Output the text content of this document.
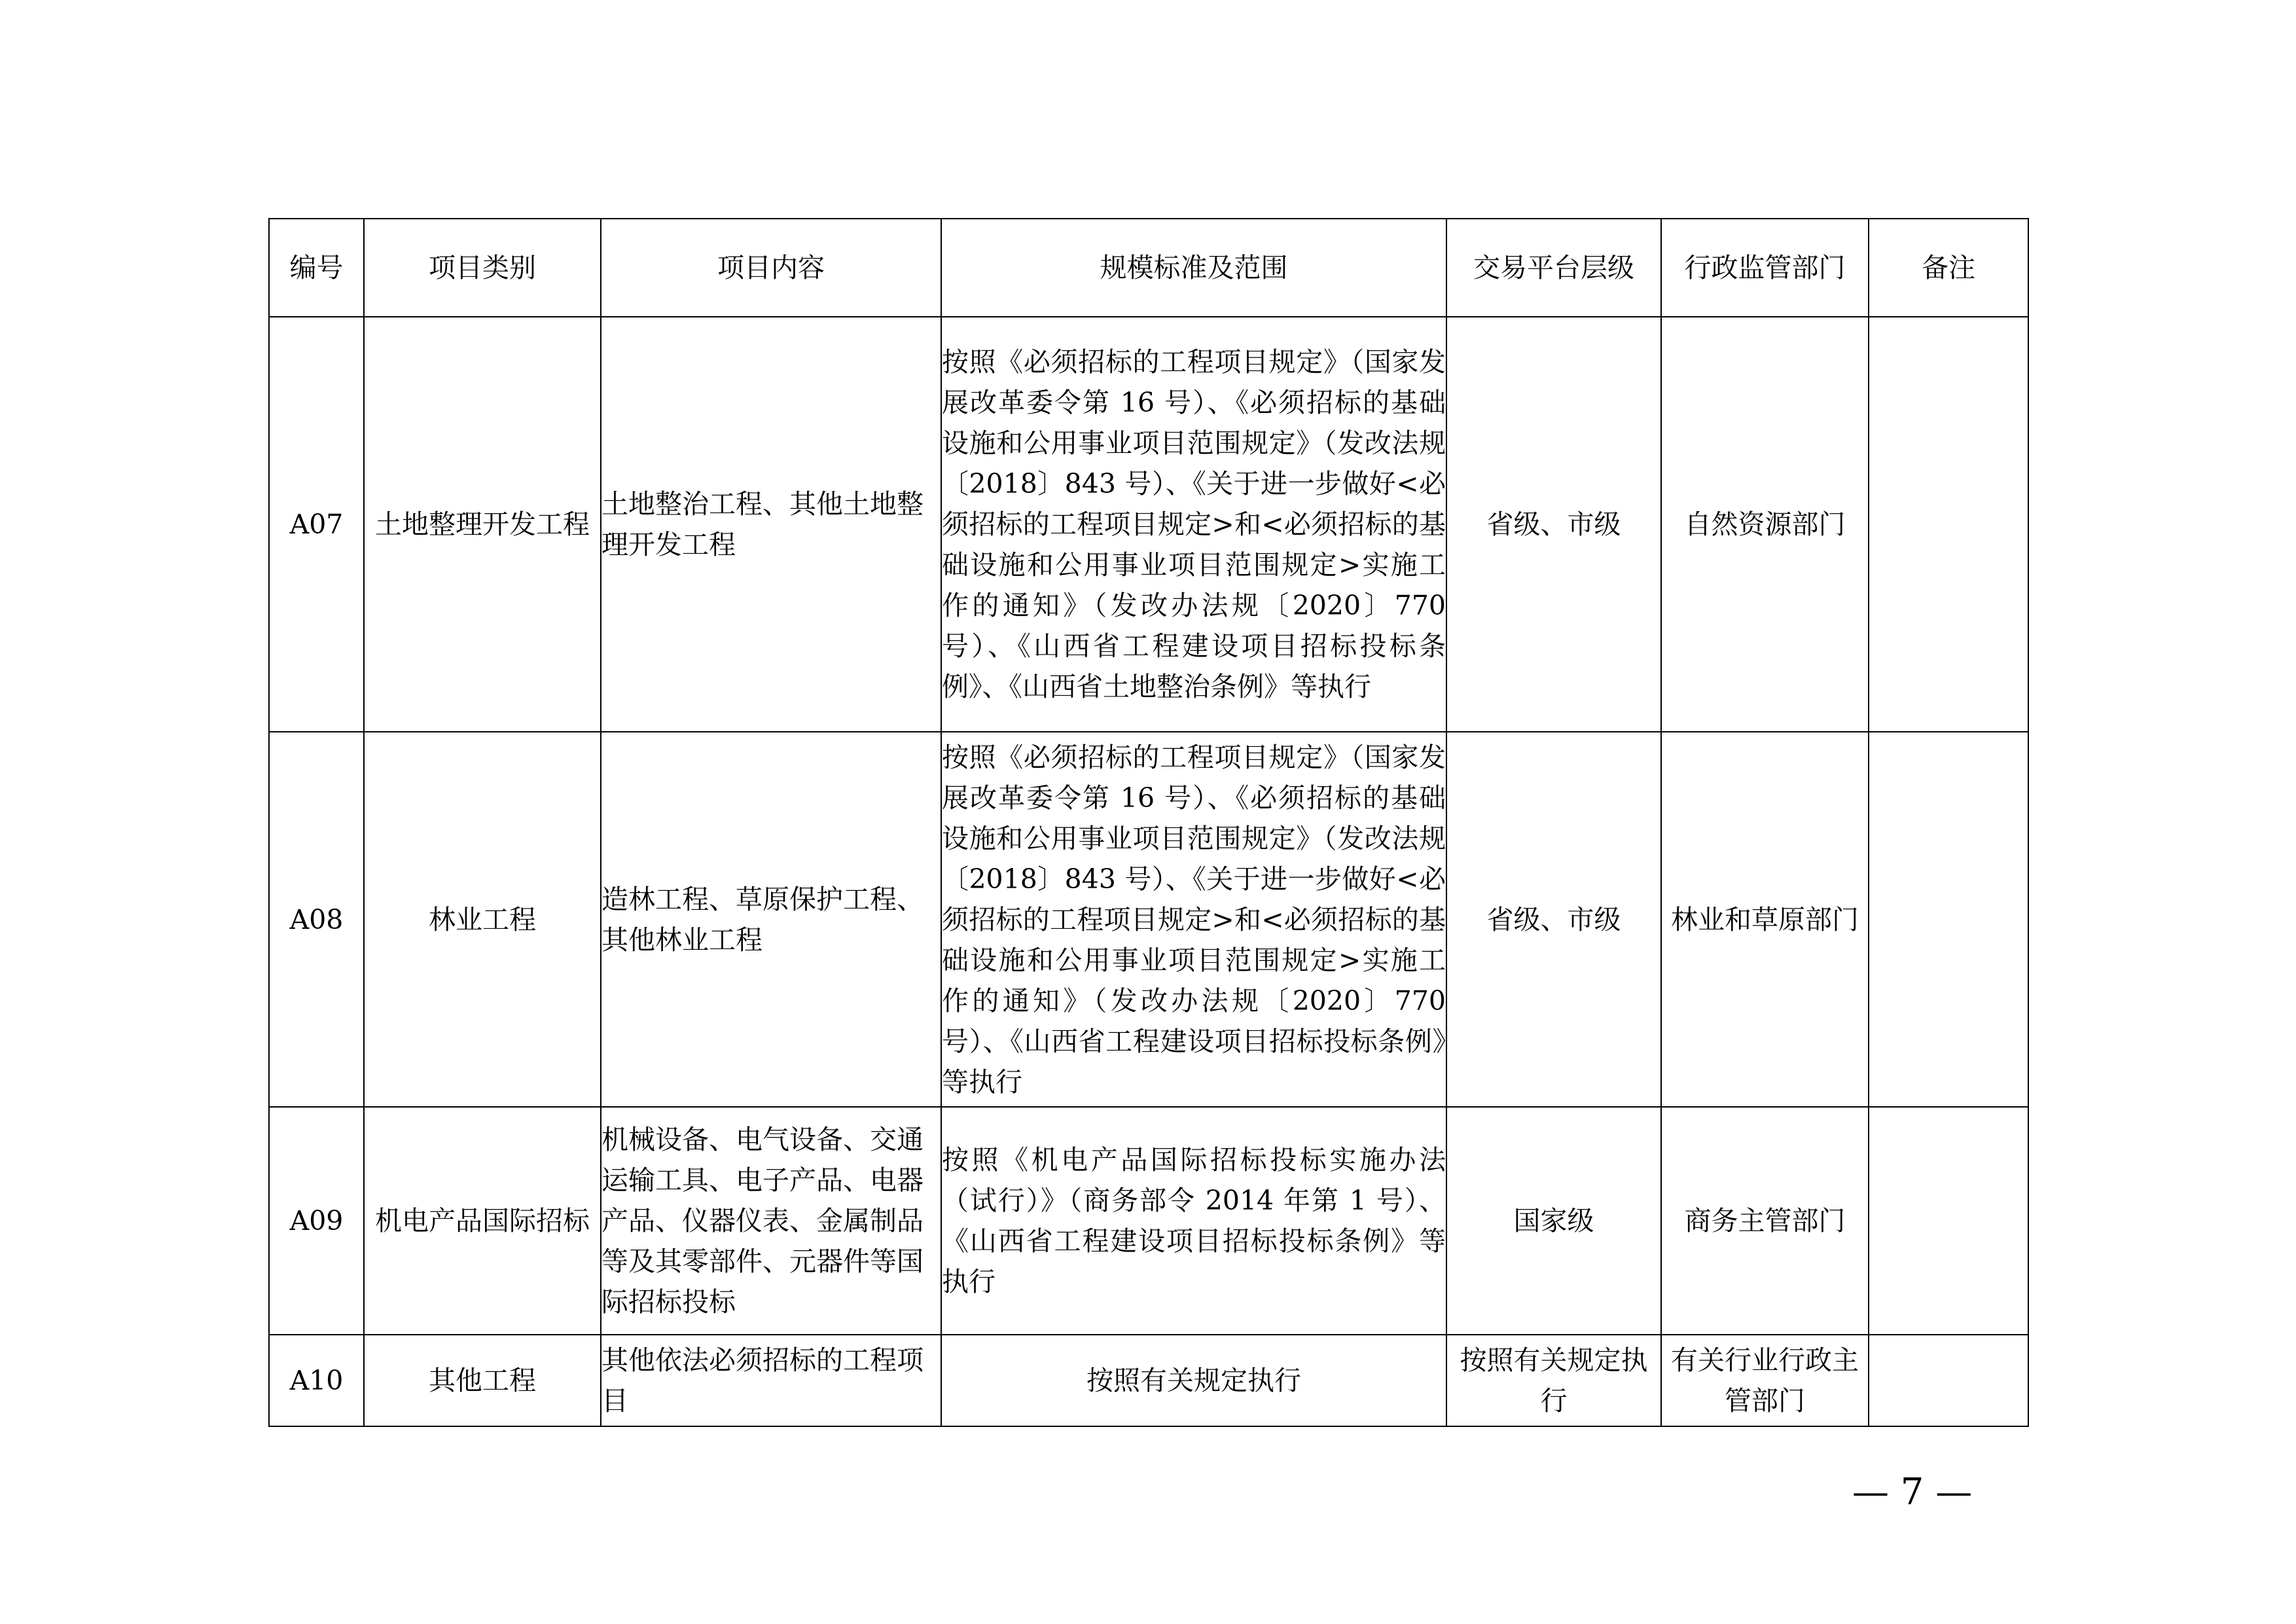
编号	项目类别	项目内容	规模标准及范围	交易平台层级	行政监管部门	备注
A07	土地整理开发工程	土地整治工程、其他土地整理开发工程	按照《必须招标的工程项目规定》（国家发展改革委令第 16 号）、《必须招标的基础设施和公用事业项目范围规定》（发改法规〔2018〕843 号）、《关于进一步做好<必须招标的工程项目规定>和<必须招标的基础设施和公用事业项目范围规定>实施工作的通知》（发改办法规〔2020〕770 号）、《山西省工程建设项目招标投标条例》、《山西省土地整治条例》等执行	省级、市级	自然资源部门	
A08	林业工程	造林工程、草原保护工程、其他林业工程	按照《必须招标的工程项目规定》（国家发展改革委令第 16 号）、《必须招标的基础设施和公用事业项目范围规定》（发改法规〔2018〕843 号）、《关于进一步做好<必须招标的工程项目规定>和<必须招标的基础设施和公用事业项目范围规定>实施工作的通知》（发改办法规〔2020〕770 号）、《山西省工程建设项目招标投标条例》等执行	省级、市级	林业和草原部门	
A09	机电产品国际招标	机械设备、电气设备、交通运输工具、电子产品、电器产品、仪器仪表、金属制品等及其零部件、元器件等国际招标投标	按照《机电产品国际招标投标实施办法（试行）》（商务部令 2014 年第 1 号）、《山西省工程建设项目招标投标条例》等执行	国家级	商务主管部门	
A10	其他工程	其他依法必须招标的工程项目	按照有关规定执行	按照有关规定执行	有关行业行政主管部门	
— 7 —
